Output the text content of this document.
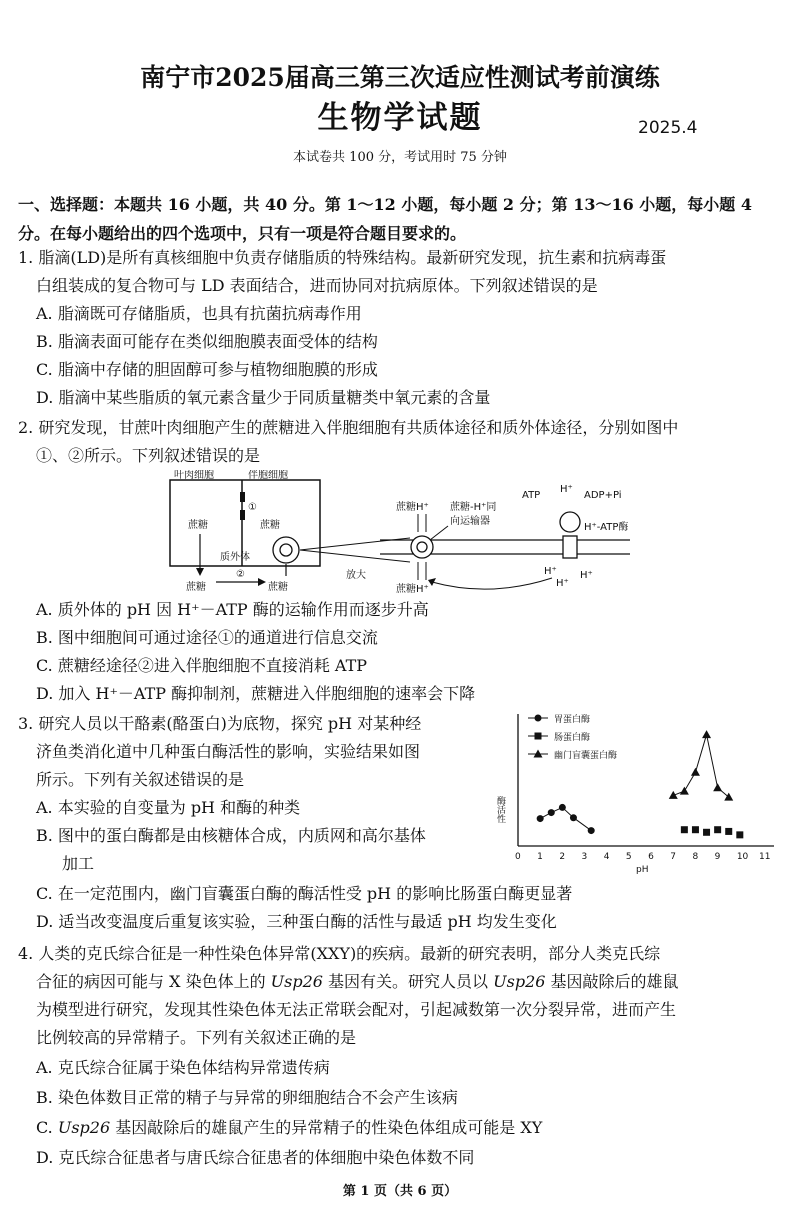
南宁市2025届高三第三次适应性测试考前演练
生物学试题	2025.4
本试卷共 100 分，考试用时 75 分钟
一、选择题：本题共 16 小题，共 40 分。第 1～12 小题，每小题 2 分；第 13～16 小题，每小题 4 分。在每小题给出的四个选项中，只有一项是符合题目要求的。
1. 脂滴(LD)是所有真核细胞中负责存储脂质的特殊结构。最新研究发现，抗生素和抗病毒蛋
白组装成的复合物可与 LD 表面结合，进而协同对抗病原体。下列叙述错误的是
A. 脂滴既可存储脂质，也具有抗菌抗病毒作用
B. 脂滴表面可能存在类似细胞膜表面受体的结构
C. 脂滴中存储的胆固醇可参与植物细胞膜的形成
D. 脂滴中某些脂质的氧元素含量少于同质量糖类中氧元素的含量
2. 研究发现，甘蔗叶肉细胞产生的蔗糖进入伴胞细胞有共质体途径和质外体途径，分别如图中
①、②所示。下列叙述错误的是
叶肉细胞	伴胞细胞
①
蔗糖	蔗糖
质外体
蔗糖
②
蔗糖
放大
蔗糖H⁺ 蔗糖-H⁺同
向运输器
蔗糖H⁺
ATP
H⁺
ADP+Pi
H⁺-ATP酶
H⁺
H⁺
H⁺
A. 质外体的 pH 因 H⁺－ATP 酶的运输作用而逐步升高
B. 图中细胞间可通过途径①的通道进行信息交流
C. 蔗糖经途径②进入伴胞细胞不直接消耗 ATP
D. 加入 H⁺－ATP 酶抑制剂，蔗糖进入伴胞细胞的速率会下降
3. 研究人员以干酪素(酪蛋白)为底物，探究 pH 对某种经
济鱼类消化道中几种蛋白酶活性的影响，实验结果如图
所示。下列有关叙述错误的是
A. 本实验的自变量为 pH 和酶的种类
B. 图中的蛋白酶都是由核糖体合成，内质网和高尔基体
加工
C. 在一定范围内，幽门盲囊蛋白酶的酶活性受 pH 的影响比肠蛋白酶更显著
D. 适当改变温度后重复该实验，三种蛋白酶的活性与最适 pH 均发生变化
酶活性
pH
胃蛋白酶
肠蛋白酶
幽门盲囊蛋白酶
0 1 2 3 4 5 6 7 8 9 10 11
4. 人类的克氏综合征是一种性染色体异常(XXY)的疾病。最新的研究表明，部分人类克氏综
合征的病因可能与 X 染色体上的 Usp26 基因有关。研究人员以 Usp26 基因敲除后的雄鼠
为模型进行研究，发现其性染色体无法正常联会配对，引起减数第一次分裂异常，进而产生
比例较高的异常精子。下列有关叙述正确的是
A. 克氏综合征属于染色体结构异常遗传病
B. 染色体数目正常的精子与异常的卵细胞结合不会产生该病
C. Usp26 基因敲除后的雄鼠产生的异常精子的性染色体组成可能是 XY
D. 克氏综合征患者与唐氏综合征患者的体细胞中染色体数不同
第 1 页（共 6 页）
